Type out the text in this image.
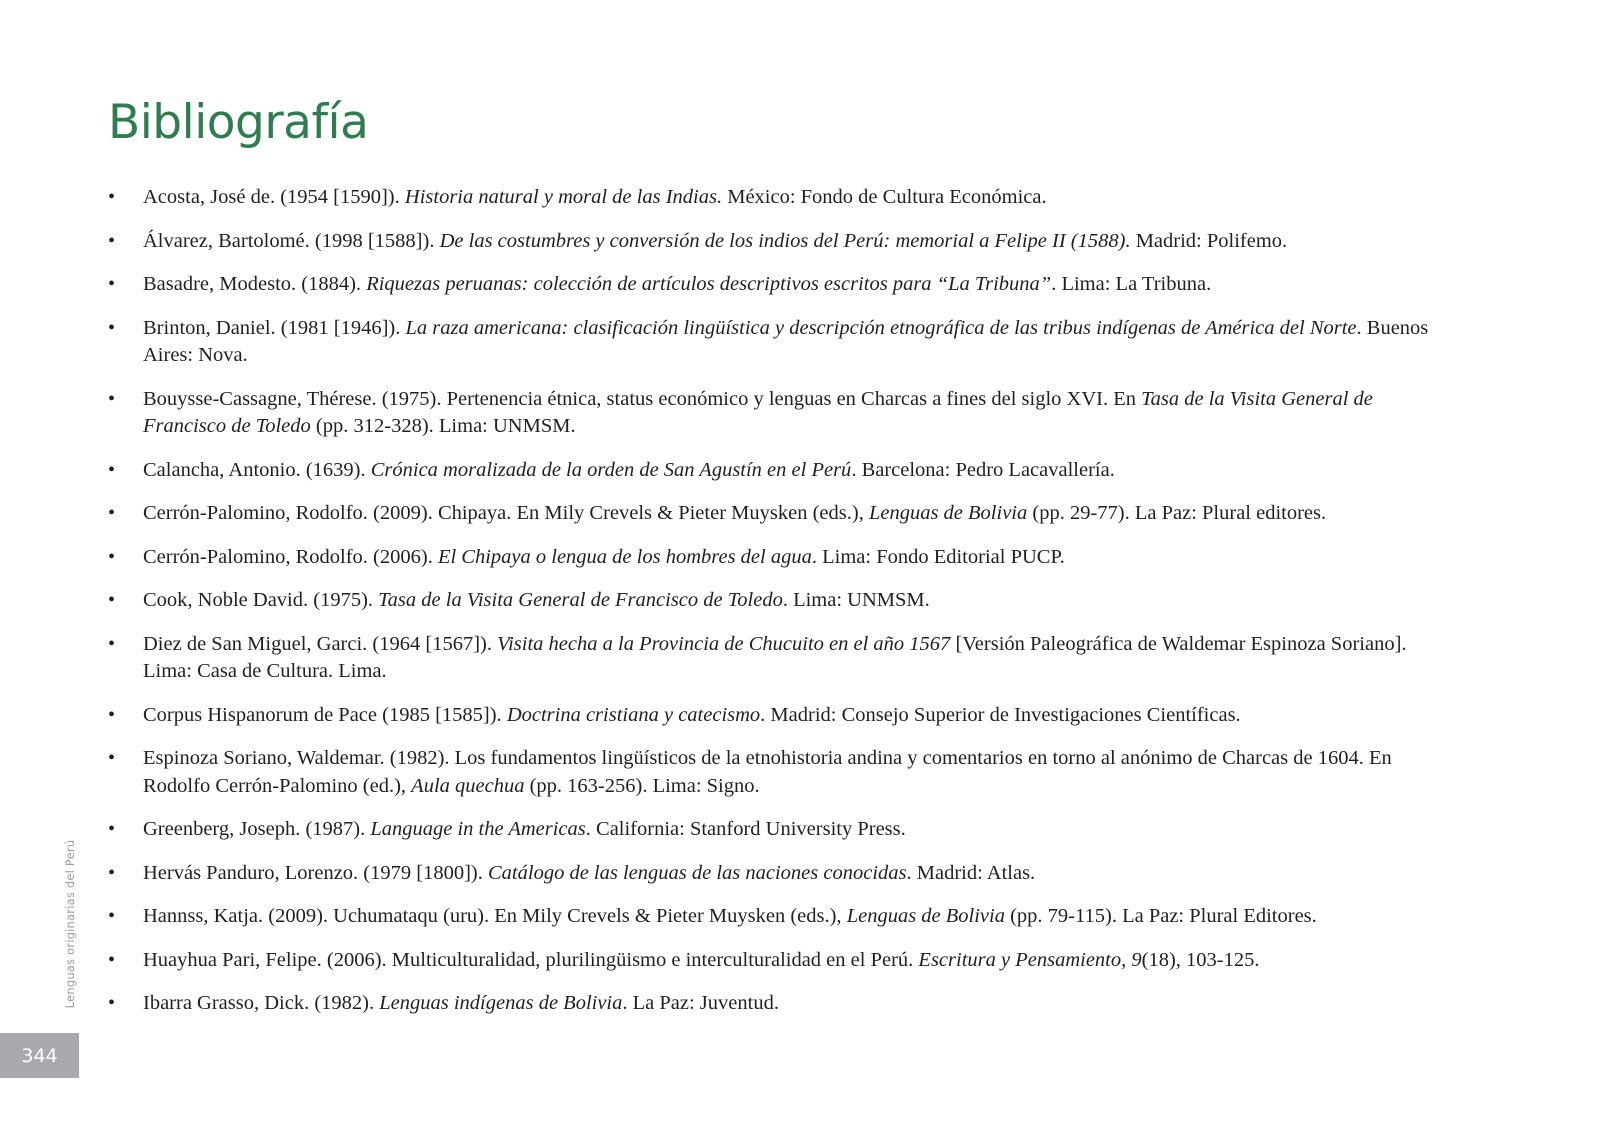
Bibliografía
• Acosta, José de. (1954 [1590]). Historia natural y moral de las Indias. México: Fondo de Cultura Económica.
• Álvarez, Bartolomé. (1998 [1588]). De las costumbres y conversión de los indios del Perú: memorial a Felipe II (1588). Madrid: Polifemo.
• Basadre, Modesto. (1884). Riquezas peruanas: colección de artículos descriptivos escritos para “La Tribuna”. Lima: La Tribuna.
• Brinton, Daniel. (1981 [1946]). La raza americana: clasificación lingüística y descripción etnográfica de las tribus indígenas de América del Norte. Buenos Aires: Nova.
• Bouysse-Cassagne, Thérese. (1975). Pertenencia étnica, status económico y lenguas en Charcas a fines del siglo XVI. En Tasa de la Visita General de Francisco de Toledo (pp. 312-328). Lima: UNMSM.
• Calancha, Antonio. (1639). Crónica moralizada de la orden de San Agustín en el Perú. Barcelona: Pedro Lacavallería.
• Cerrón-Palomino, Rodolfo. (2009). Chipaya. En Mily Crevels & Pieter Muysken (eds.), Lenguas de Bolivia (pp. 29-77). La Paz: Plural editores.
• Cerrón-Palomino, Rodolfo. (2006). El Chipaya o lengua de los hombres del agua. Lima: Fondo Editorial PUCP.
• Cook, Noble David. (1975). Tasa de la Visita General de Francisco de Toledo. Lima: UNMSM.
• Diez de San Miguel, Garci. (1964 [1567]). Visita hecha a la Provincia de Chucuito en el año 1567 [Versión Paleográfica de Waldemar Espinoza Soriano]. Lima: Casa de Cultura. Lima.
• Corpus Hispanorum de Pace (1985 [1585]). Doctrina cristiana y catecismo. Madrid: Consejo Superior de Investigaciones Científicas.
• Espinoza Soriano, Waldemar. (1982). Los fundamentos lingüísticos de la etnohistoria andina y comentarios en torno al anónimo de Charcas de 1604. En Rodolfo Cerrón-Palomino (ed.), Aula quechua (pp. 163-256). Lima: Signo.
• Greenberg, Joseph. (1987). Language in the Americas. California: Stanford University Press.
• Hervás Panduro, Lorenzo. (1979 [1800]). Catálogo de las lenguas de las naciones conocidas. Madrid: Atlas.
• Hannss, Katja. (2009). Uchumataqu (uru). En Mily Crevels & Pieter Muysken (eds.), Lenguas de Bolivia (pp. 79-115). La Paz: Plural Editores.
• Huayhua Pari, Felipe. (2006). Multiculturalidad, plurilingüismo e interculturalidad en el Perú. Escritura y Pensamiento, 9(18), 103-125.
• Ibarra Grasso, Dick. (1982). Lenguas indígenas de Bolivia. La Paz: Juventud.
Lenguas originarias del Perú
344
